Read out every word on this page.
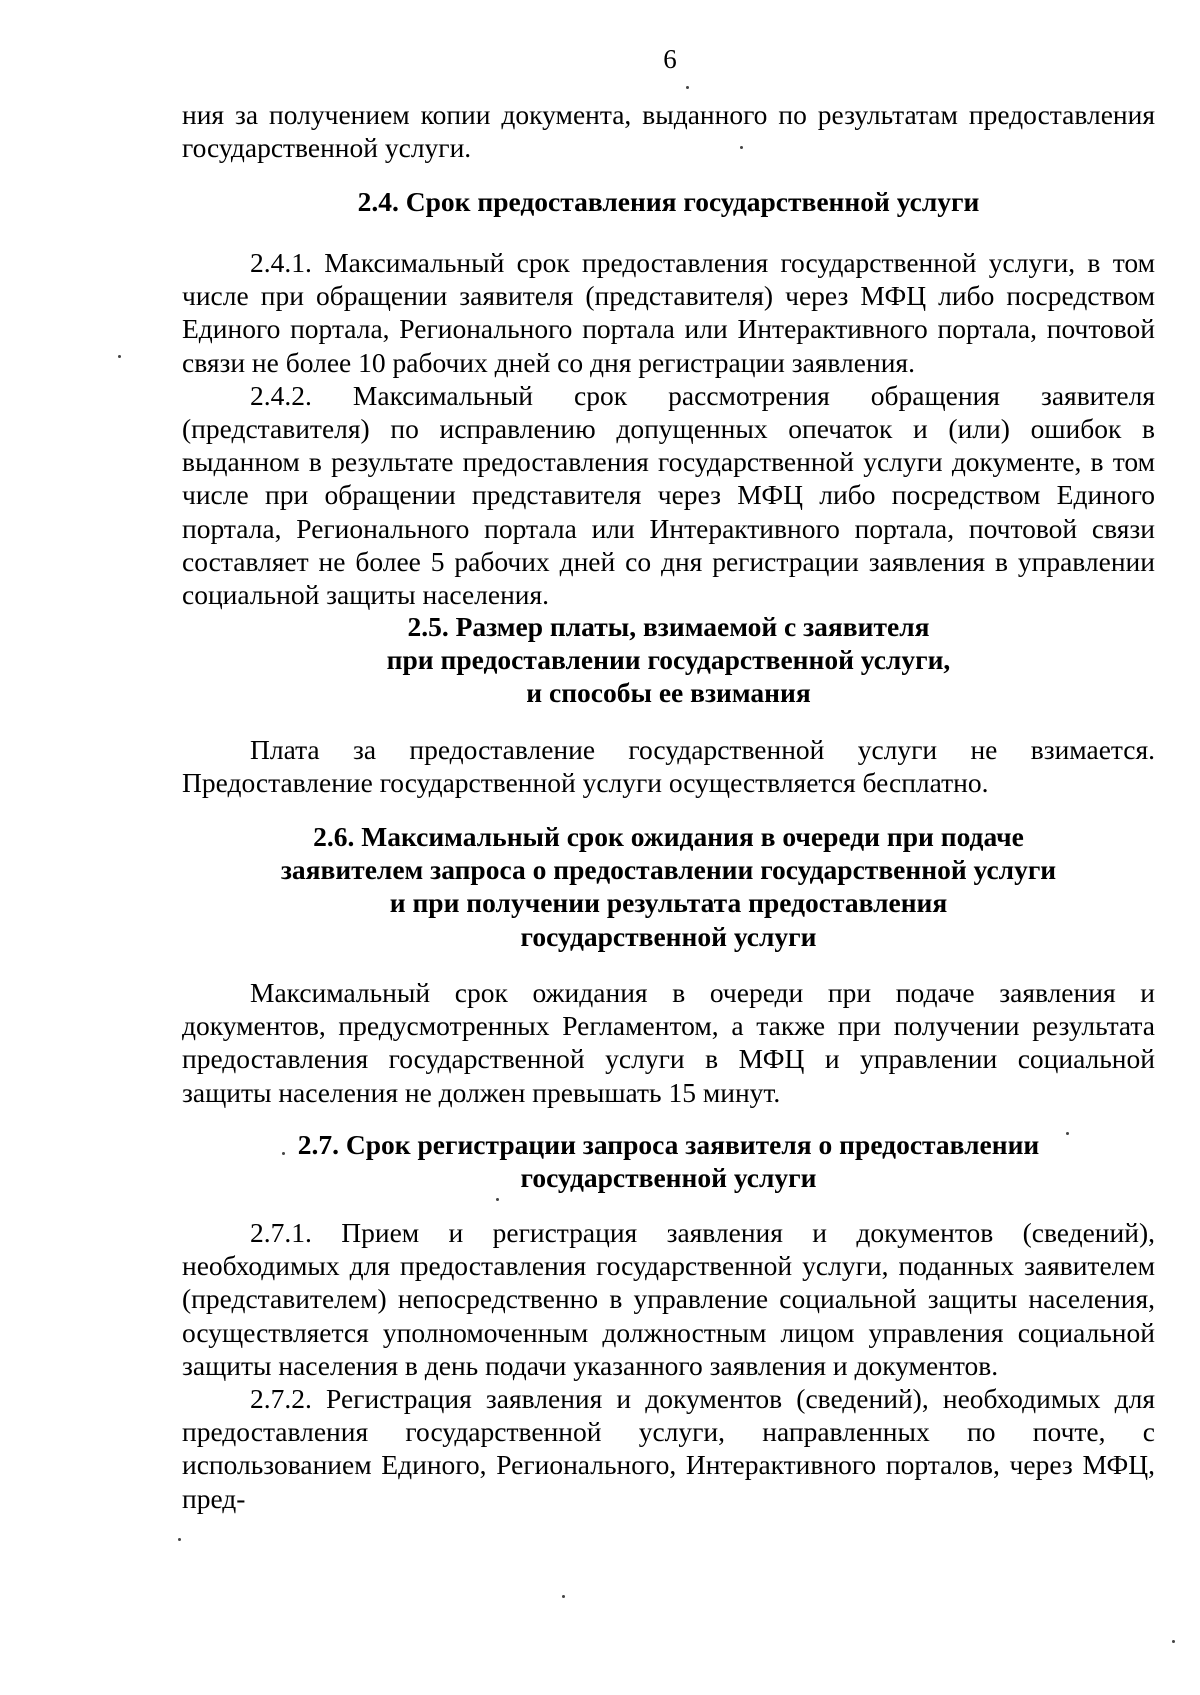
6

ния за получением копии документа, выданного по результатам предоставления государственной услуги.

2.4. Срок предоставления государственной услуги

2.4.1. Максимальный срок предоставления государственной услуги, в том числе при обращении заявителя (представителя) через МФЦ либо посредством Единого портала, Регионального портала или Интерактивного портала, почтовой связи не более 10 рабочих дней со дня регистрации заявления.

2.4.2. Максимальный срок рассмотрения обращения заявителя (представителя) по исправлению допущенных опечаток и (или) ошибок в выданном в результате предоставления государственной услуги документе, в том числе при обращении представителя через МФЦ либо посредством Единого портала, Регионального портала или Интерактивного портала, почтовой связи составляет не более 5 рабочих дней со дня регистрации заявления в управлении социальной защиты населения.

2.5. Размер платы, взимаемой с заявителя
при предоставлении государственной услуги,
и способы ее взимания

Плата за предоставление государственной услуги не взимается. Предоставление государственной услуги осуществляется бесплатно.

2.6. Максимальный срок ожидания в очереди при подаче
заявителем запроса о предоставлении государственной услуги
и при получении результата предоставления
государственной услуги

Максимальный срок ожидания в очереди при подаче заявления и документов, предусмотренных Регламентом, а также при получении результата предоставления государственной услуги в МФЦ и управлении социальной защиты населения не должен превышать 15 минут.

2.7. Срок регистрации запроса заявителя о предоставлении
государственной услуги

2.7.1. Прием и регистрация заявления и документов (сведений), необходимых для предоставления государственной услуги, поданных заявителем (представителем) непосредственно в управление социальной защиты населения, осуществляется уполномоченным должностным лицом управления социальной защиты населения в день подачи указанного заявления и документов.

2.7.2. Регистрация заявления и документов (сведений), необходимых для предоставления государственной услуги, направленных по почте, с использованием Единого, Регионального, Интерактивного порталов, через МФЦ, пред-
